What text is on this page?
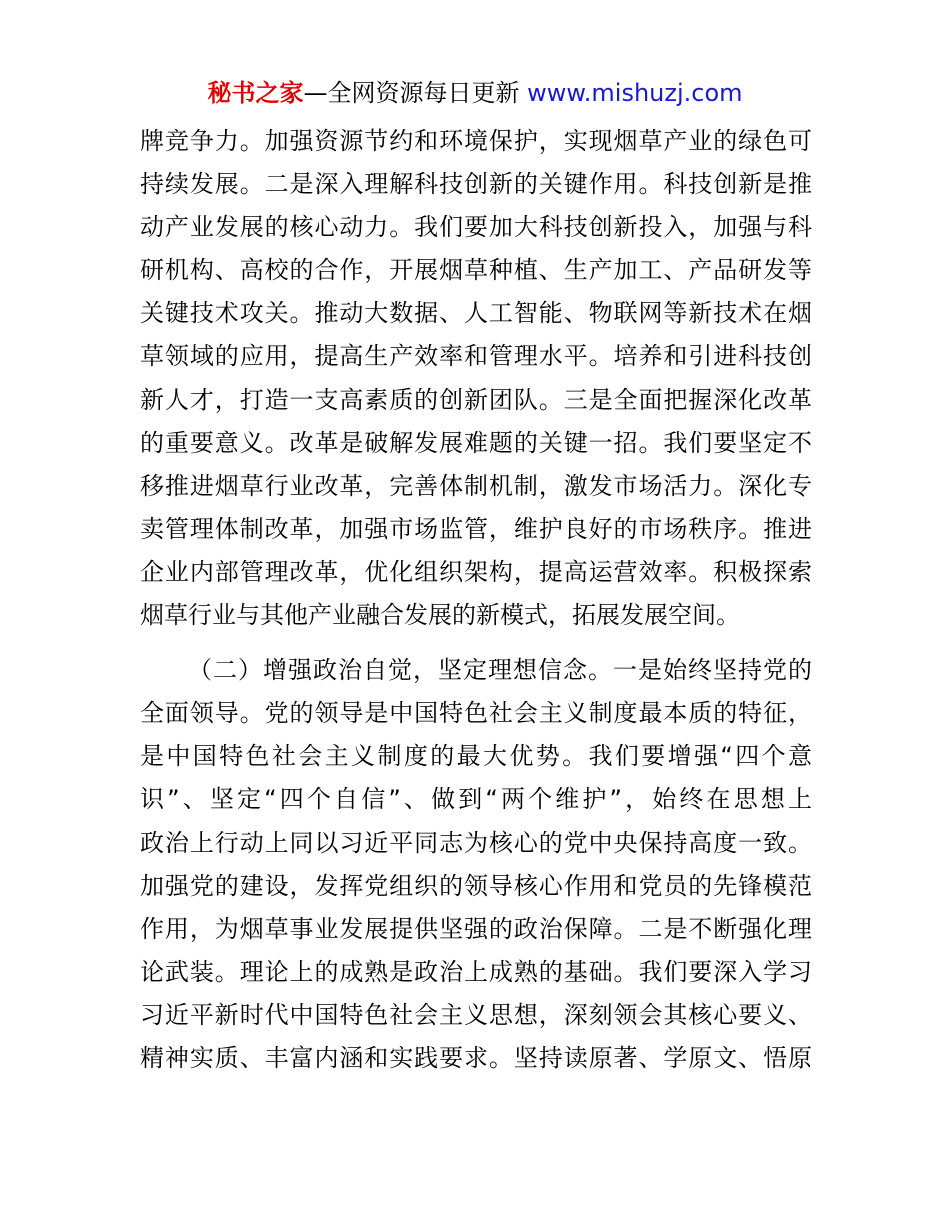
秘书之家—全网资源每日更新 www.mishuzj.com
牌竞争力。加强资源节约和环境保护，实现烟草产业的绿色可
持续发展。二是深入理解科技创新的关键作用。科技创新是推
动产业发展的核心动力。我们要加大科技创新投入，加强与科
研机构、高校的合作，开展烟草种植、生产加工、产品研发等
关键技术攻关。推动大数据、人工智能、物联网等新技术在烟
草领域的应用，提高生产效率和管理水平。培养和引进科技创
新人才，打造一支高素质的创新团队。三是全面把握深化改革
的重要意义。改革是破解发展难题的关键一招。我们要坚定不
移推进烟草行业改革，完善体制机制，激发市场活力。深化专
卖管理体制改革，加强市场监管，维护良好的市场秩序。推进
企业内部管理改革，优化组织架构，提高运营效率。积极探索
烟草行业与其他产业融合发展的新模式，拓展发展空间。
（二）增强政治自觉，坚定理想信念。一是始终坚持党的
全面领导。党的领导是中国特色社会主义制度最本质的特征，
是中国特色社会主义制度的最大优势。我们要增强“四个意
识”、坚定“四个自信”、做到“两个维护”，始终在思想上
政治上行动上同以习近平同志为核心的党中央保持高度一致。
加强党的建设，发挥党组织的领导核心作用和党员的先锋模范
作用，为烟草事业发展提供坚强的政治保障。二是不断强化理
论武装。理论上的成熟是政治上成熟的基础。我们要深入学习
习近平新时代中国特色社会主义思想，深刻领会其核心要义、
精神实质、丰富内涵和实践要求。坚持读原著、学原文、悟原
